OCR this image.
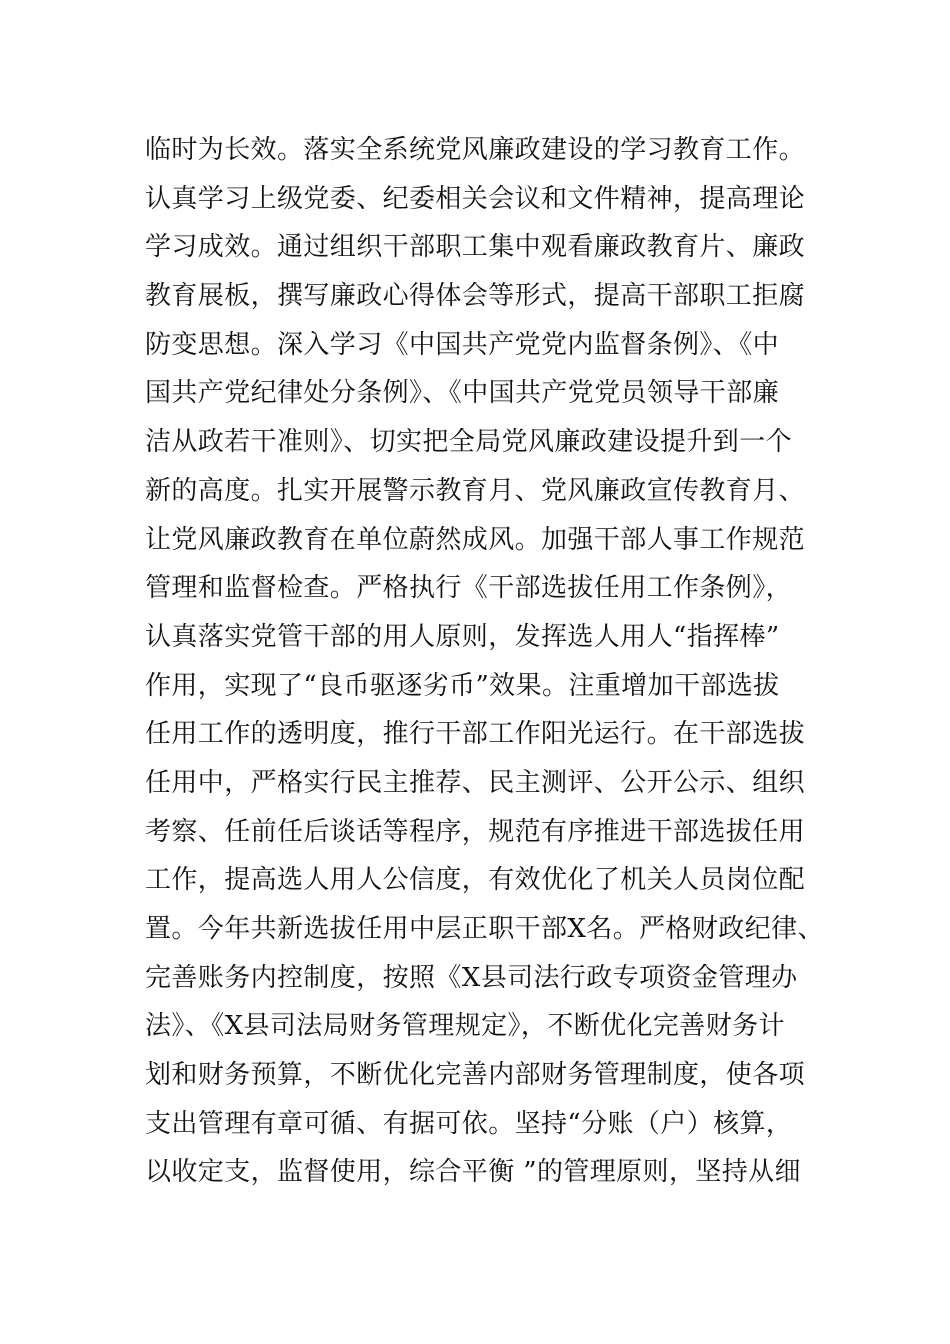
临时为长效。落实全系统党风廉政建设的学习教育工作。
认真学习上级党委、纪委相关会议和文件精神，提高理论
学习成效。通过组织干部职工集中观看廉政教育片、廉政
教育展板，撰写廉政心得体会等形式，提高干部职工拒腐
防变思想。深入学习《中国共产党党内监督条例》、《中
国共产党纪律处分条例》、《中国共产党党员领导干部廉
洁从政若干准则》、切实把全局党风廉政建设提升到一个
新的高度。扎实开展警示教育月、党风廉政宣传教育月、
让党风廉政教育在单位蔚然成风。加强干部人事工作规范
管理和监督检查。严格执行《干部选拔任用工作条例》，
认真落实党管干部的用人原则，发挥选人用人“指挥棒”
作用，实现了“良币驱逐劣币”效果。注重增加干部选拔
任用工作的透明度，推行干部工作阳光运行。在干部选拔
任用中，严格实行民主推荐、民主测评、公开公示、组织
考察、任前任后谈话等程序，规范有序推进干部选拔任用
工作，提高选人用人公信度，有效优化了机关人员岗位配
置。今年共新选拔任用中层正职干部X名。严格财政纪律、
完善账务内控制度，按照《X县司法行政专项资金管理办
法》、《X县司法局财务管理规定》，不断优化完善财务计
划和财务预算，不断优化完善内部财务管理制度，使各项
支出管理有章可循、有据可依。坚持“分账（户）核算，
以收定支，监督使用，综合平衡 ”的管理原则，坚持从细
